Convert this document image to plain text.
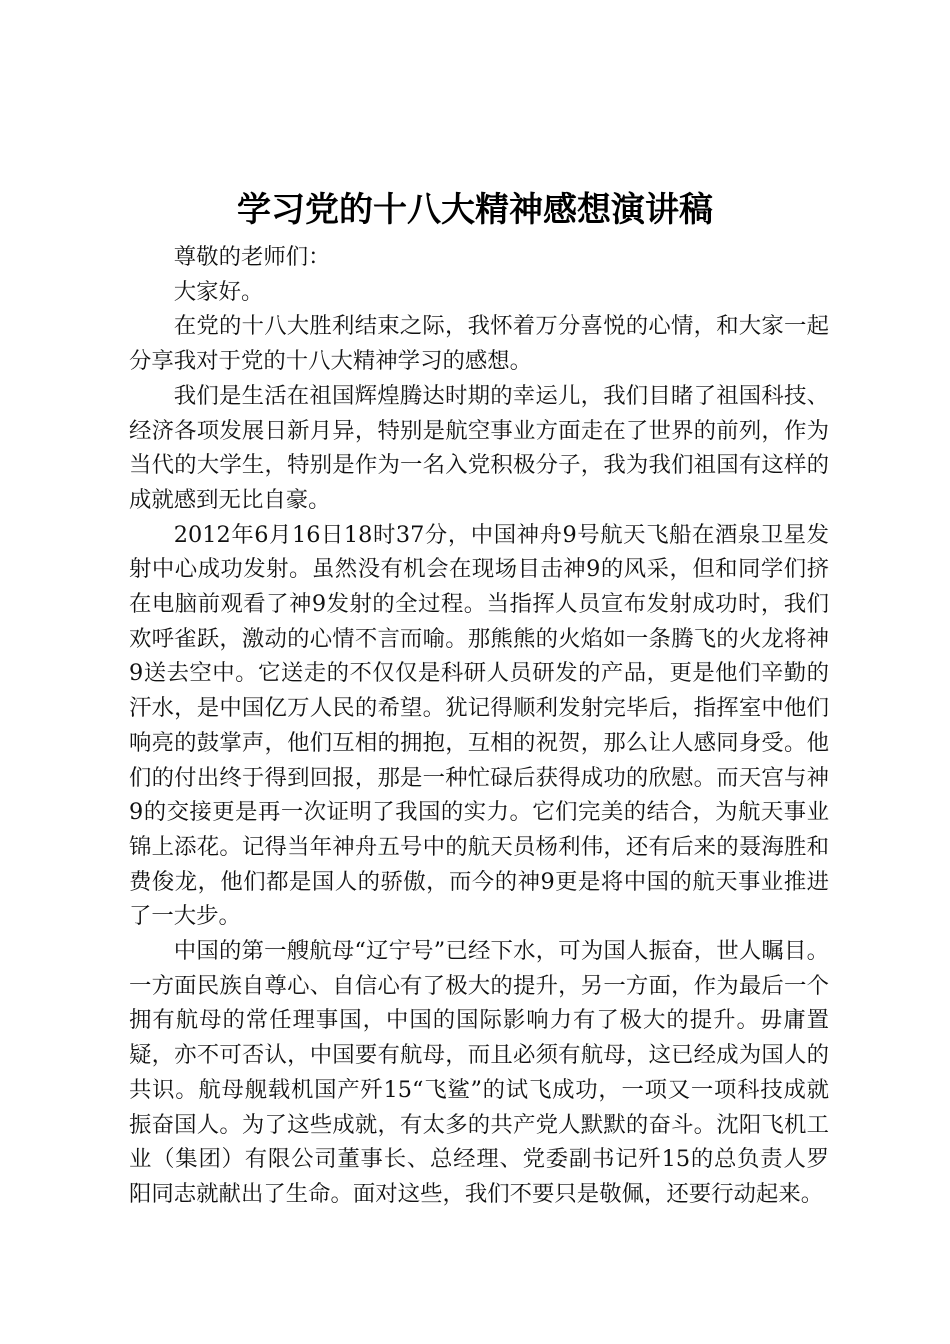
学习党的十八大精神感想演讲稿

尊敬的老师们：

大家好。

在党的十八大胜利结束之际，我怀着万分喜悦的心情，和大家一起分享我对于党的十八大精神学习的感想。

我们是生活在祖国辉煌腾达时期的幸运儿，我们目睹了祖国科技、经济各项发展日新月异，特别是航空事业方面走在了世界的前列，作为当代的大学生，特别是作为一名入党积极分子，我为我们祖国有这样的成就感到无比自豪。

2012年6月16日18时37分，中国神舟9号航天飞船在酒泉卫星发射中心成功发射。虽然没有机会在现场目击神9的风采，但和同学们挤在电脑前观看了神9发射的全过程。当指挥人员宣布发射成功时，我们欢呼雀跃，激动的心情不言而喻。那熊熊的火焰如一条腾飞的火龙将神9送去空中。它送走的不仅仅是科研人员研发的产品，更是他们辛勤的汗水，是中国亿万人民的希望。犹记得顺利发射完毕后，指挥室中他们响亮的鼓掌声，他们互相的拥抱，互相的祝贺，那么让人感同身受。他们的付出终于得到回报，那是一种忙碌后获得成功的欣慰。而天宫与神9的交接更是再一次证明了我国的实力。它们完美的结合，为航天事业锦上添花。记得当年神舟五号中的航天员杨利伟，还有后来的聂海胜和费俊龙，他们都是国人的骄傲，而今的神9更是将中国的航天事业推进了一大步。

中国的第一艘航母“辽宁号”已经下水，可为国人振奋，世人瞩目。一方面民族自尊心、自信心有了极大的提升，另一方面，作为最后一个拥有航母的常任理事国，中国的国际影响力有了极大的提升。毋庸置疑，亦不可否认，中国要有航母，而且必须有航母，这已经成为国人的共识。航母舰载机国产歼15“飞鲨”的试飞成功，一项又一项科技成就振奋国人。为了这些成就，有太多的共产党人默默的奋斗。沈阳飞机工业（集团）有限公司董事长、总经理、党委副书记歼15的总负责人罗阳同志就献出了生命。面对这些，我们不要只是敬佩，还要行动起来。
